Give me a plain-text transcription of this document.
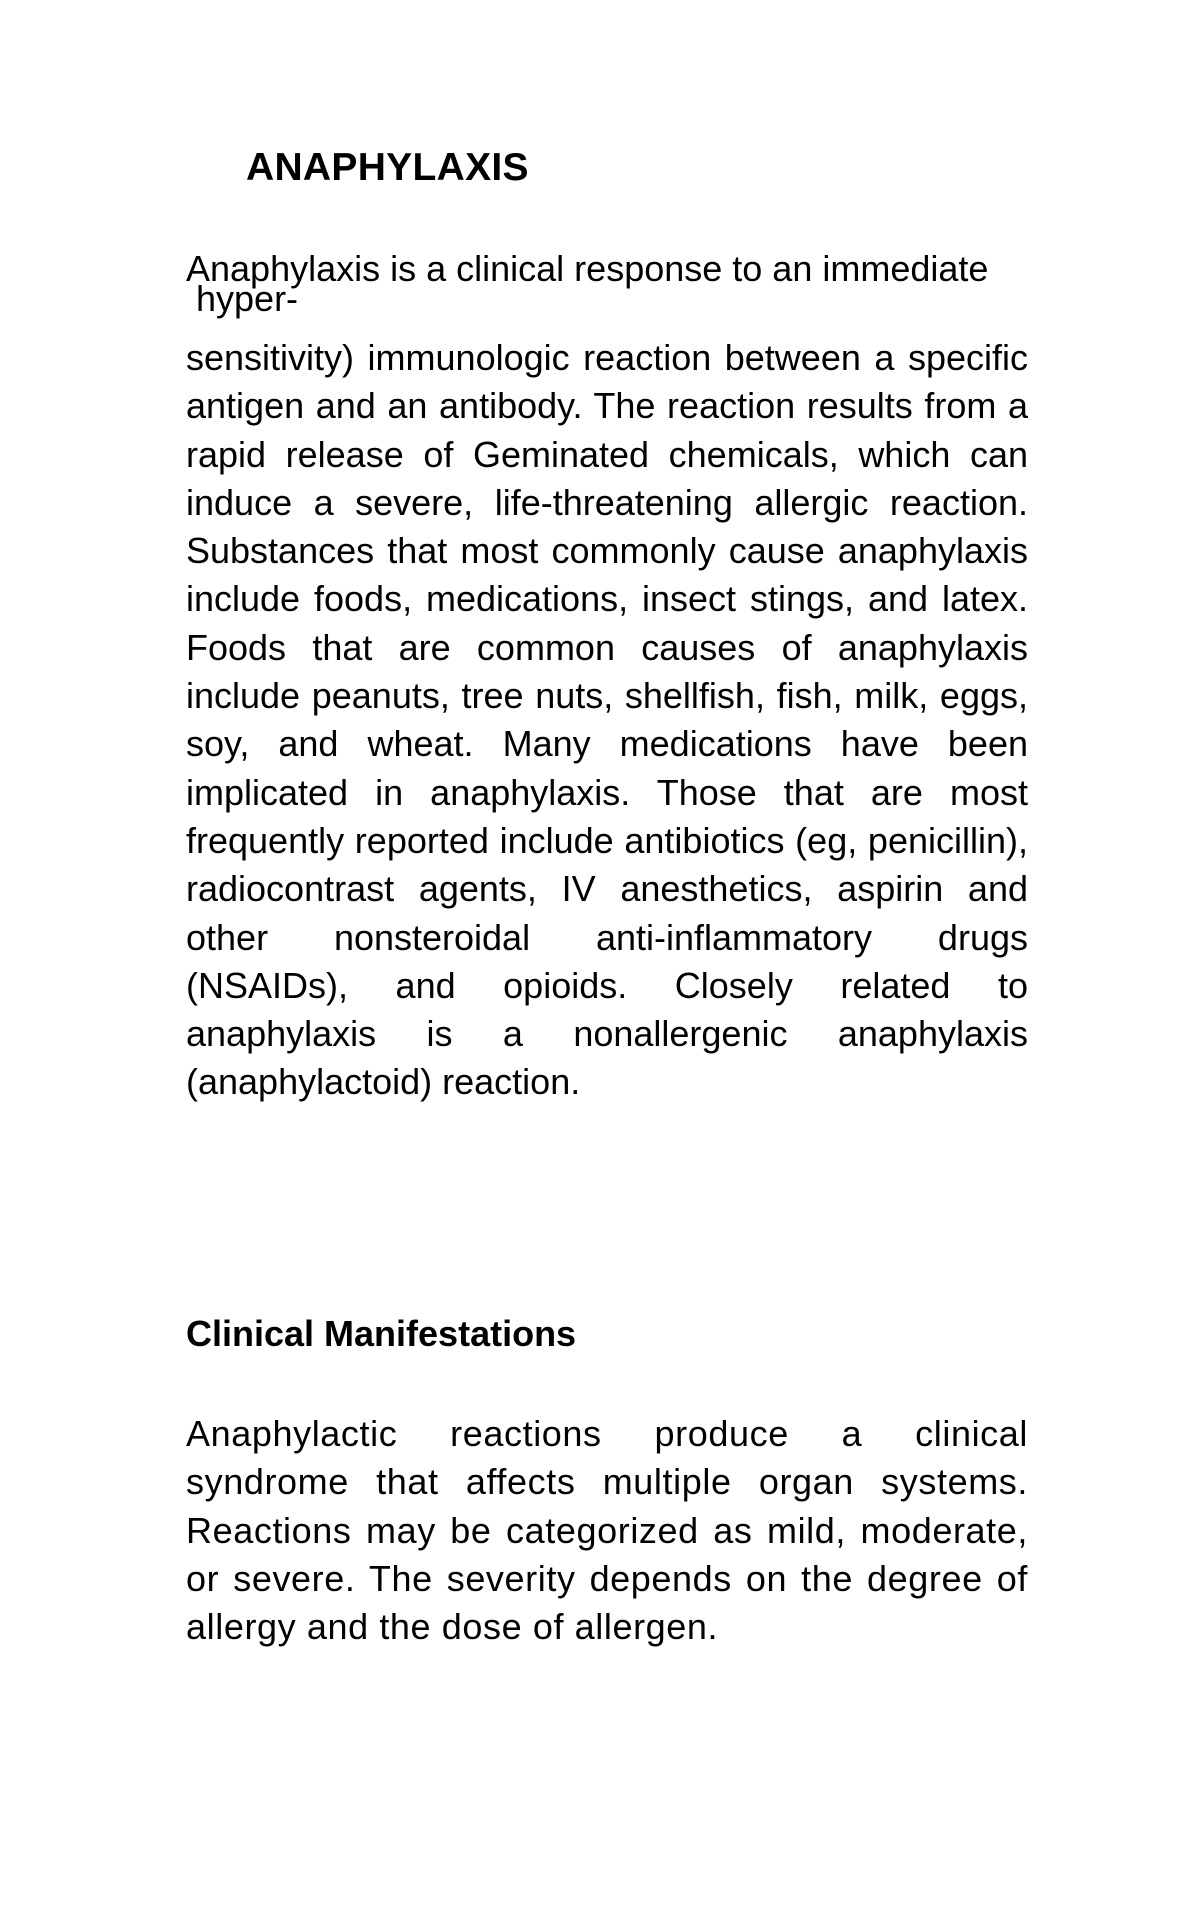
ANAPHYLAXIS

Anaphylaxis is a clinical response to an immediate
hyper-

sensitivity) immunologic reaction between a specific antigen and an antibody. The reaction results from a rapid release of Geminated chemicals, which can induce a severe, life-threatening allergic reaction. Substances that most commonly cause anaphylaxis include foods, medications, insect stings, and latex. Foods that are common causes of anaphylaxis include peanuts, tree nuts, shellfish, fish, milk, eggs, soy, and wheat. Many medications have been implicated in anaphylaxis. Those that are most frequently reported include antibiotics (eg, penicillin), radiocontrast agents, IV anesthetics, aspirin and other nonsteroidal anti-inflammatory drugs (NSAIDs), and opioids. Closely related to anaphylaxis is a nonallergenic anaphylaxis (anaphylactoid) reaction.

Clinical Manifestations

Anaphylactic reactions produce a clinical syndrome that affects multiple organ systems. Reactions may be categorized as mild, moderate, or severe. The severity depends on the degree of allergy and the dose of allergen.
